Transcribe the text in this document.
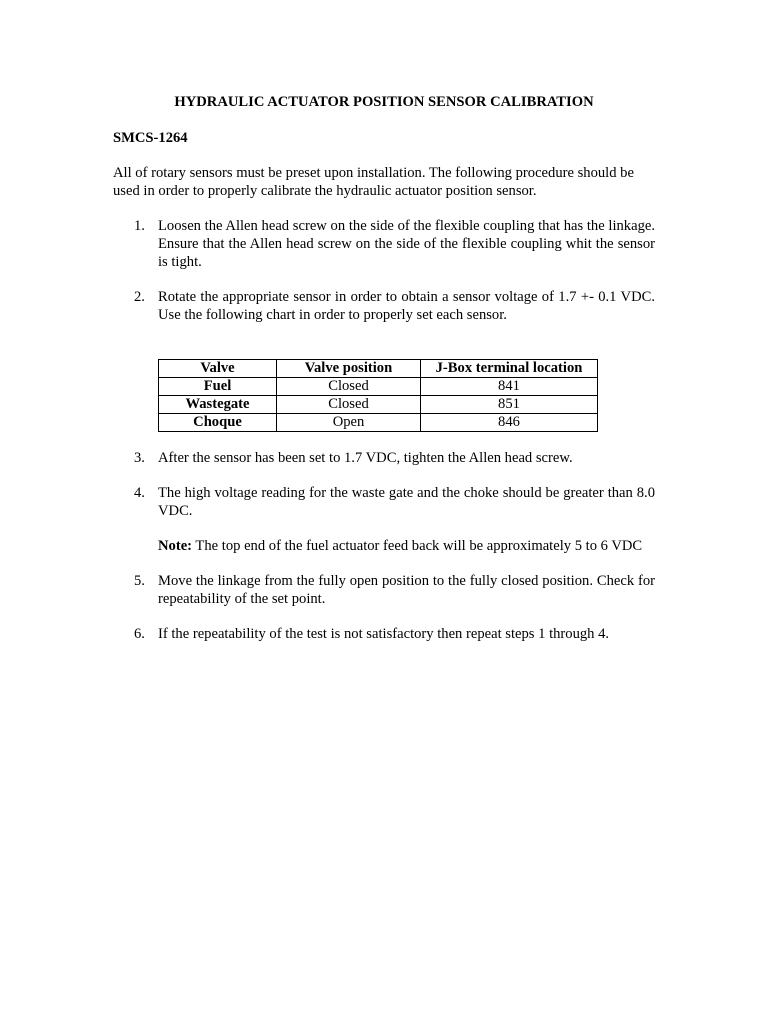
HYDRAULIC ACTUATOR POSITION SENSOR CALIBRATION
SMCS-1264
All of rotary sensors must be preset upon installation. The following procedure should be used in order to properly calibrate the hydraulic actuator position sensor.
1. Loosen the Allen head screw on the side of the flexible coupling that has the linkage. Ensure that the Allen head screw on the side of the flexible coupling whit the sensor is tight.
2. Rotate the appropriate sensor in order to obtain a sensor voltage of 1.7 +- 0.1 VDC. Use the following chart in order to properly set each sensor.
Valve	Valve position	J-Box terminal location
Fuel	Closed	841
Wastegate	Closed	851
Choque	Open	846
3. After the sensor has been set to 1.7 VDC, tighten the Allen head screw.
4. The high voltage reading for the waste gate and the choke should be greater than 8.0 VDC.
Note: The top end of the fuel actuator feed back will be approximately 5 to 6 VDC
5. Move the linkage from the fully open position to the fully closed position. Check for repeatability of the set point.
6. If the repeatability of the test is not satisfactory then repeat steps 1 through 4.
